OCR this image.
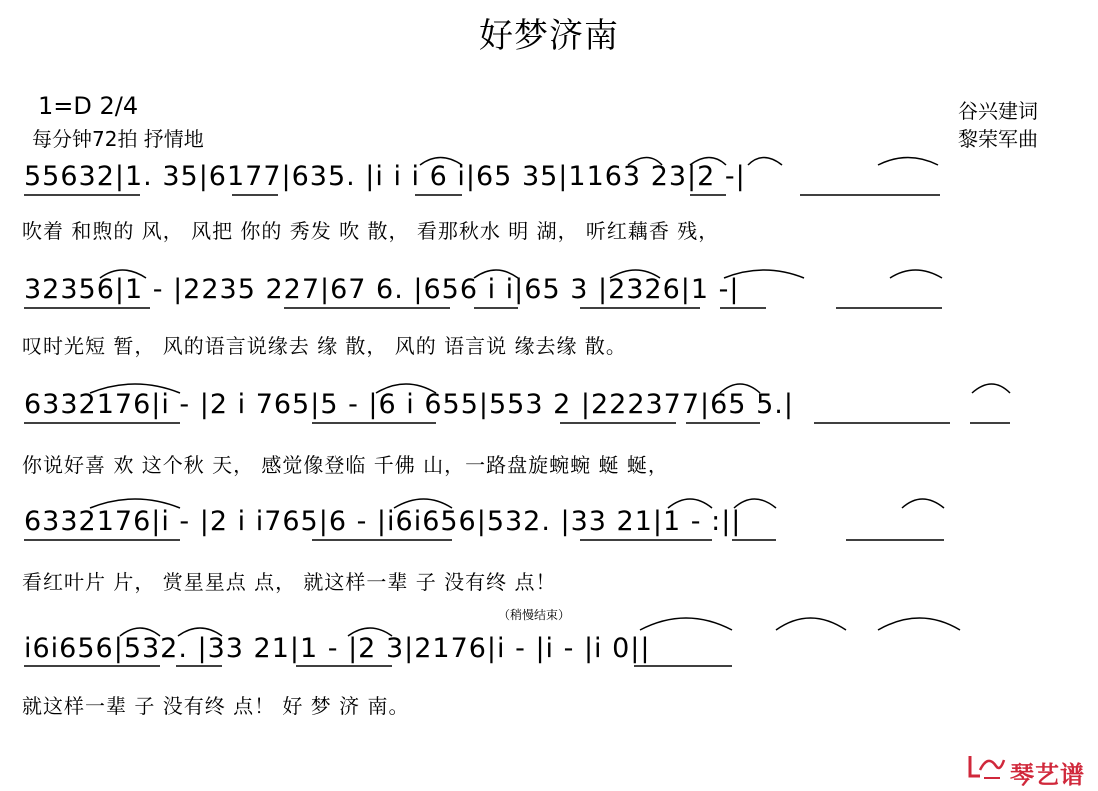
好梦济南
1=D 2/4
每分钟72拍 抒情地
谷兴建词
黎荣军曲
55632|1. 35|6177|635. |i i i 6 i|65 35|1163 23|2 -|
吹着 和煦的 风， 风把 你的 秀发 吹 散， 看那秋水 明 湖， 听红藕香 残，
32356|1 - |2235 227|67 6. |656 i i|65 3 |2326|1 -|
叹时光短 暂， 风的语言说缘去 缘 散， 风的 语言说 缘去缘 散。
6332176|i - |2 i 765|5 - |6 i 655|553 2 |222377|65 5.|
你说好喜 欢 这个秋 天， 感觉像登临 千佛 山，一路盘旋蜿蜿 蜒 蜒，
6332176|i - |2 i i765|6 - |i6i656|532. |33 21|1 - :||
看红叶片 片， 赏星星点 点， 就这样一辈 子 没有终 点！
（稍慢结束）
i6i656|532. |33 21|1 - |2 3|2176|i - |i - |i 0||
就这样一辈 子 没有终 点！ 好 梦 济 南。
琴艺谱
